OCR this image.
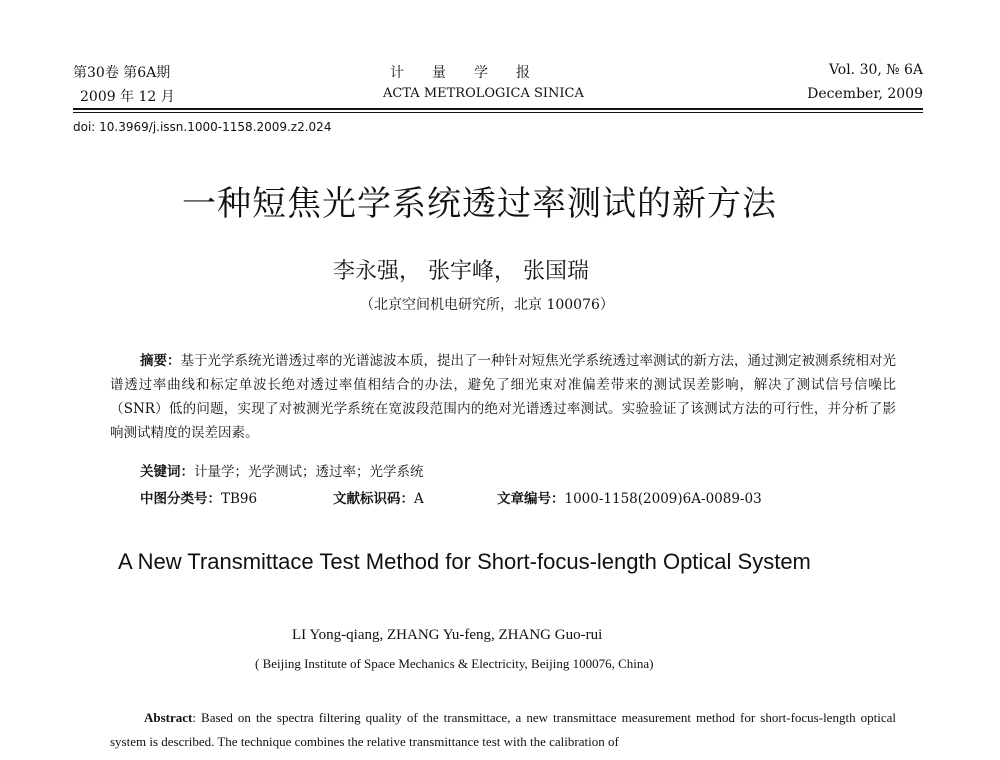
第30卷 第6A期
2009 年 12 月
计　　量　　学　　报
ACTA METROLOGICA SINICA
Vol. 30, № 6A
December, 2009
doi: 10.3969/j.issn.1000-1158.2009.z2.024
一种短焦光学系统透过率测试的新方法
李永强， 张宇峰， 张国瑞
（北京空间机电研究所，北京 100076）
摘要：基于光学系统光谱透过率的光谱滤波本质，提出了一种针对短焦光学系统透过率测试的新方法，通过测定被测系统相对光谱透过率曲线和标定单波长绝对透过率值相结合的办法，避免了细光束对准偏差带来的测试误差影响，解决了测试信号信噪比（SNR）低的问题，实现了对被测光学系统在宽波段范围内的绝对光谱透过率测试。实验验证了该测试方法的可行性，并分析了影响测试精度的误差因素。
关键词：计量学；光学测试；透过率；光学系统
中图分类号：TB96	文献标识码：A	文章编号：1000-1158(2009)6A-0089-03
A New Transmittace Test Method for Short-focus-length Optical System
LI Yong-qiang, ZHANG Yu-feng, ZHANG Guo-rui
( Beijing Institute of Space Mechanics & Electricity, Beijing 100076, China)
Abstract: Based on the spectra filtering quality of the transmittace, a new transmittace measurement method for short-focus-length optical system is described. The technique combines the relative transmittance test with the calibration of
